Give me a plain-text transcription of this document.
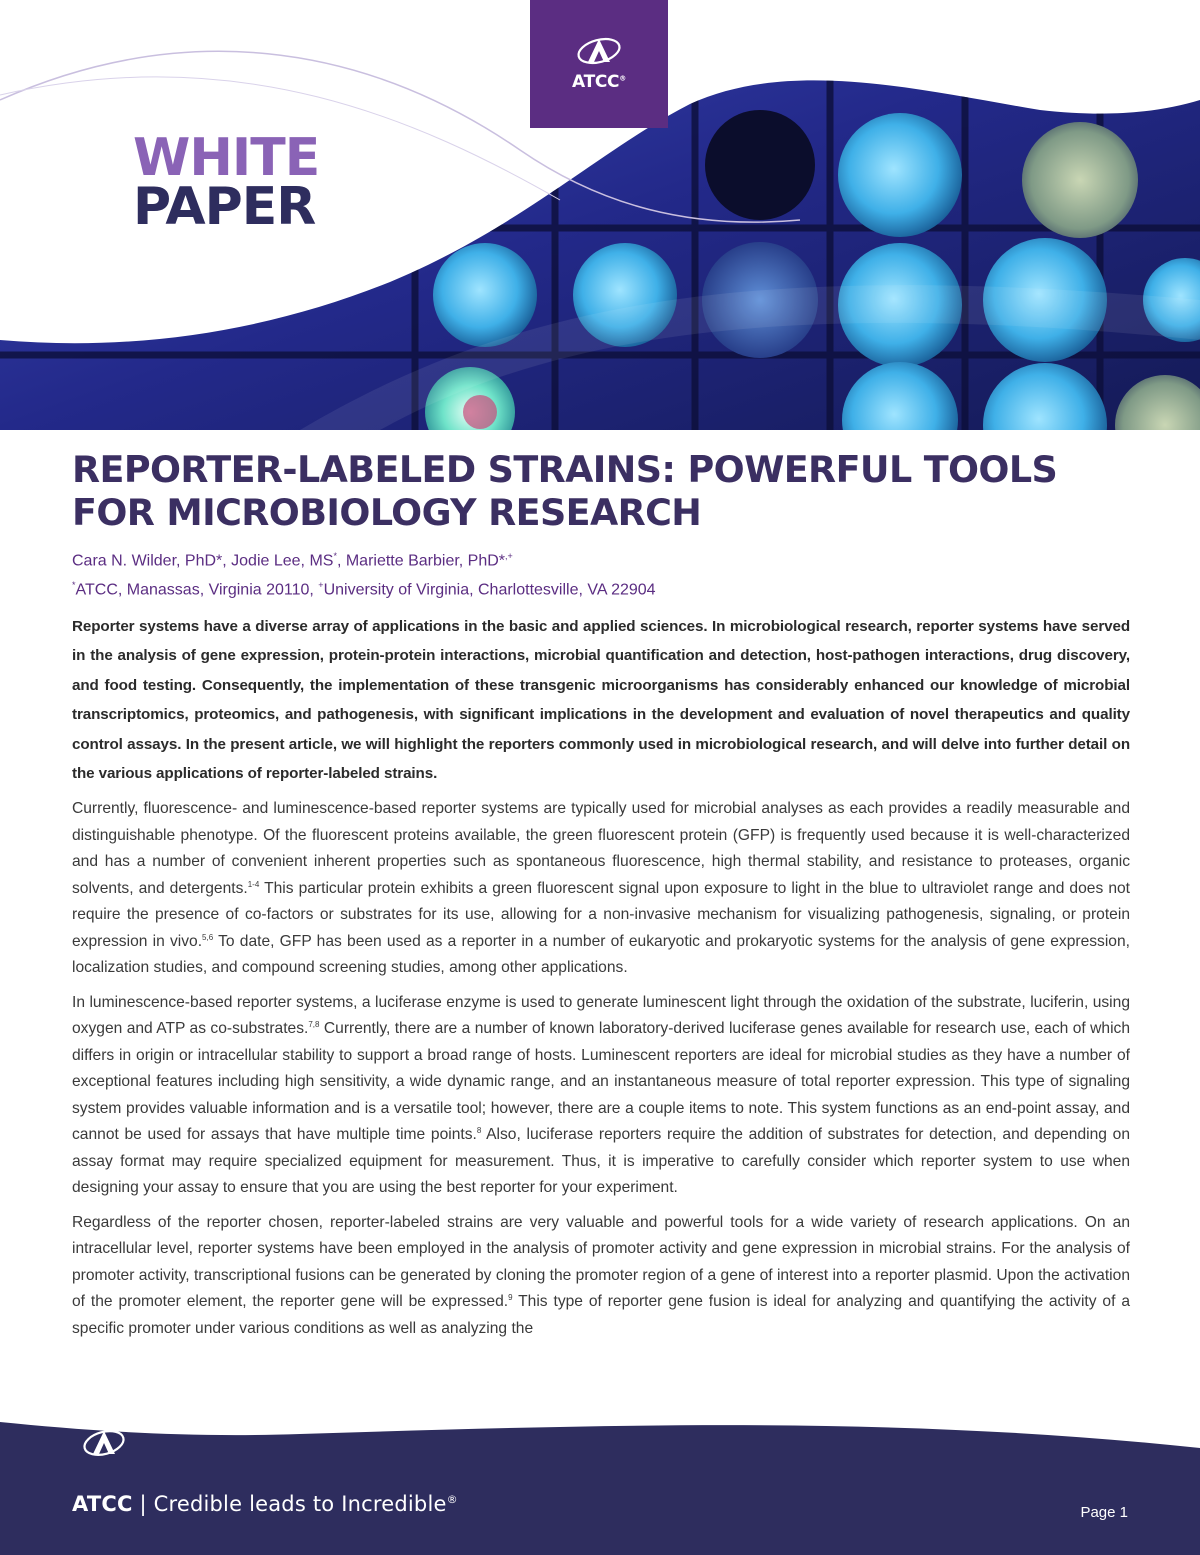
ATCC®
WHITE
PAPER
REPORTER-LABELED STRAINS: POWERFUL TOOLS FOR MICROBIOLOGY RESEARCH
Cara N. Wilder, PhD*, Jodie Lee, MS*, Mariette Barbier, PhD*,+
*ATCC, Manassas, Virginia 20110, +University of Virginia, Charlottesville, VA 22904

Reporter systems have a diverse array of applications in the basic and applied sciences. In microbiological research, reporter systems have served in the analysis of gene expression, protein-protein interactions, microbial quantification and detection, host-pathogen interactions, drug discovery, and food testing. Consequently, the implementation of these transgenic microorganisms has considerably enhanced our knowledge of microbial transcriptomics, proteomics, and pathogenesis, with significant implications in the development and evaluation of novel therapeutics and quality control assays. In the present article, we will highlight the reporters commonly used in microbiological research, and will delve into further detail on the various applications of reporter-labeled strains.

Currently, fluorescence- and luminescence-based reporter systems are typically used for microbial analyses as each provides a readily measurable and distinguishable phenotype. Of the fluorescent proteins available, the green fluorescent protein (GFP) is frequently used because it is well-characterized and has a number of convenient inherent properties such as spontaneous fluorescence, high thermal stability, and resistance to proteases, organic solvents, and detergents.$^{1-4}$ This particular protein exhibits a green fluorescent signal upon exposure to light in the blue to ultraviolet range and does not require the presence of co-factors or substrates for its use, allowing for a non-invasive mechanism for visualizing pathogenesis, signaling, or protein expression in vivo.$^{5,6}$ To date, GFP has been used as a reporter in a number of eukaryotic and prokaryotic systems for the analysis of gene expression, localization studies, and compound screening studies, among other applications.

In luminescence-based reporter systems, a luciferase enzyme is used to generate luminescent light through the oxidation of the substrate, luciferin, using oxygen and ATP as co-substrates.$^{7,8}$ Currently, there are a number of known laboratory-derived luciferase genes available for research use, each of which differs in origin or intracellular stability to support a broad range of hosts. Luminescent reporters are ideal for microbial studies as they have a number of exceptional features including high sensitivity, a wide dynamic range, and an instantaneous measure of total reporter expression. This type of signaling system provides valuable information and is a versatile tool; however, there are a couple items to note. This system functions as an end-point assay, and cannot be used for assays that have multiple time points.$^8$ Also, luciferase reporters require the addition of substrates for detection, and depending on assay format may require specialized equipment for measurement. Thus, it is imperative to carefully consider which reporter system to use when designing your assay to ensure that you are using the best reporter for your experiment.

Regardless of the reporter chosen, reporter-labeled strains are very valuable and powerful tools for a wide variety of research applications. On an intracellular level, reporter systems have been employed in the analysis of promoter activity and gene expression in microbial strains. For the analysis of promoter activity, transcriptional fusions can be generated by cloning the promoter region of a gene of interest into a reporter plasmid. Upon the activation of the promoter element, the reporter gene will be expressed.$^9$ This type of reporter gene fusion is ideal for analyzing and quantifying the activity of a specific promoter under various conditions as well as analyzing the

ATCC | Credible leads to Incredible®
Page 1
